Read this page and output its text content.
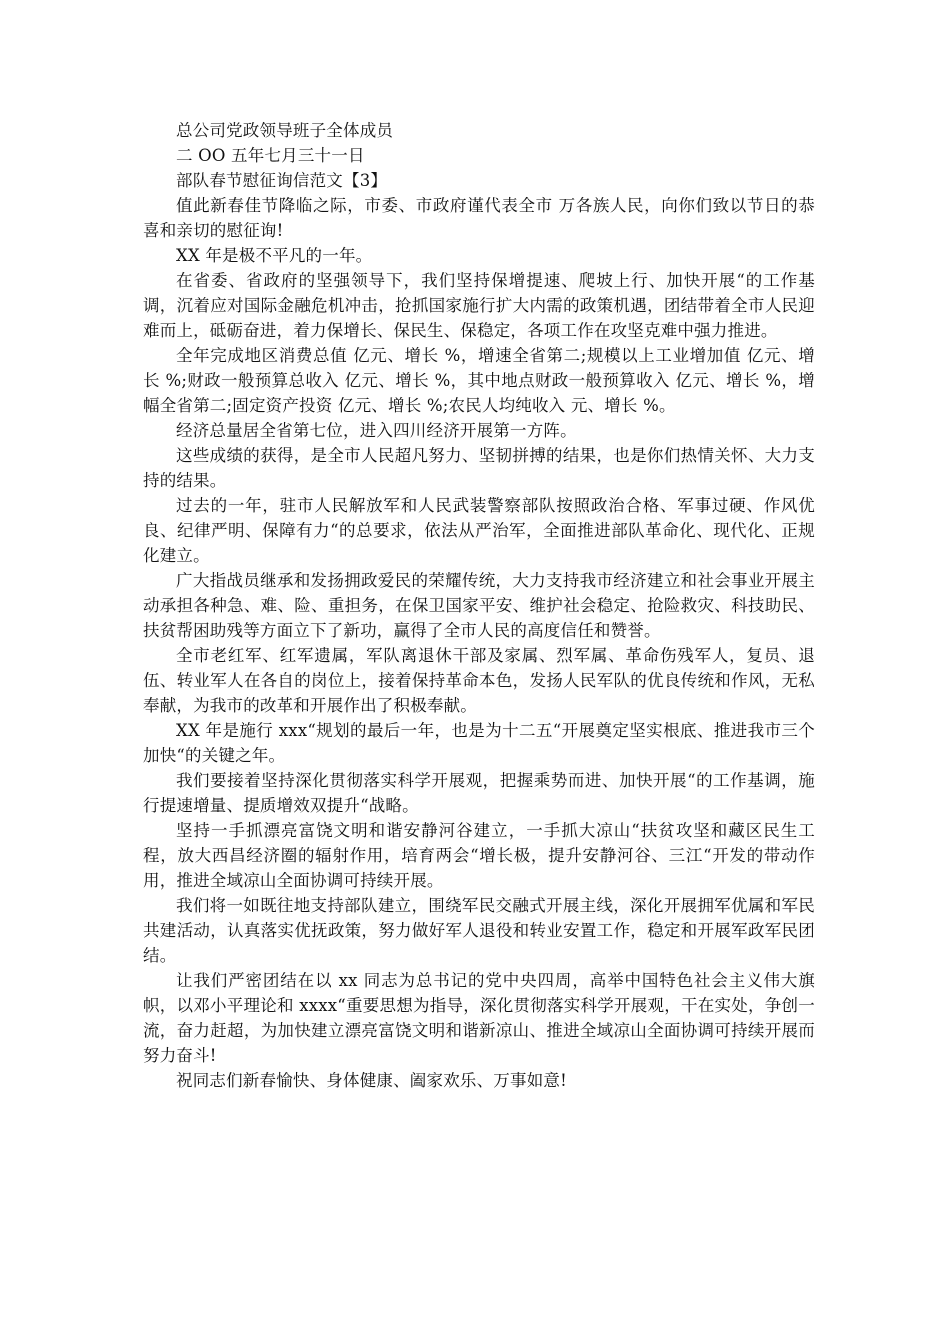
总公司党政领导班子全体成员

二 OO 五年七月三十一日

部队春节慰征询信范文【3】

值此新春佳节降临之际，市委、市政府谨代表全市 万各族人民，向你们致以节日的恭喜和亲切的慰征询!

XX 年是极不平凡的一年。

在省委、省政府的坚强领导下，我们坚持保增提速、爬坡上行、加快开展“的工作基调，沉着应对国际金融危机冲击，抢抓国家施行扩大内需的政策机遇，团结带着全市人民迎难而上，砥砺奋进，着力保增长、保民生、保稳定，各项工作在攻坚克难中强力推进。

全年完成地区消费总值 亿元、增长 %，增速全省第二;规模以上工业增加值 亿元、增长 %;财政一般预算总收入 亿元、增长 %，其中地点财政一般预算收入 亿元、增长 %，增幅全省第二;固定资产投资 亿元、增长 %;农民人均纯收入 元、增长 %。

经济总量居全省第七位，进入四川经济开展第一方阵。

这些成绩的获得，是全市人民超凡努力、坚韧拼搏的结果，也是你们热情关怀、大力支持的结果。

过去的一年，驻市人民解放军和人民武装警察部队按照政治合格、军事过硬、作风优良、纪律严明、保障有力“的总要求，依法从严治军，全面推进部队革命化、现代化、正规化建立。

广大指战员继承和发扬拥政爱民的荣耀传统，大力支持我市经济建立和社会事业开展主动承担各种急、难、险、重担务，在保卫国家平安、维护社会稳定、抢险救灾、科技助民、扶贫帮困助残等方面立下了新功，赢得了全市人民的高度信任和赞誉。

全市老红军、红军遗属，军队离退休干部及家属、烈军属、革命伤残军人，复员、退伍、转业军人在各自的岗位上，接着保持革命本色，发扬人民军队的优良传统和作风，无私奉献，为我市的改革和开展作出了积极奉献。

XX 年是施行 xxx“规划的最后一年，也是为十二五“开展奠定坚实根底、推进我市三个加快“的关键之年。

我们要接着坚持深化贯彻落实科学开展观，把握乘势而进、加快开展“的工作基调，施行提速增量、提质增效双提升“战略。

坚持一手抓漂亮富饶文明和谐安静河谷建立，一手抓大凉山“扶贫攻坚和藏区民生工程，放大西昌经济圈的辐射作用，培育两会“增长极，提升安静河谷、三江“开发的带动作用，推进全域凉山全面协调可持续开展。

我们将一如既往地支持部队建立，围绕军民交融式开展主线，深化开展拥军优属和军民共建活动，认真落实优抚政策，努力做好军人退役和转业安置工作，稳定和开展军政军民团结。

让我们严密团结在以 xx 同志为总书记的党中央四周，高举中国特色社会主义伟大旗帜，以邓小平理论和 xxxx“重要思想为指导，深化贯彻落实科学开展观，干在实处，争创一流，奋力赶超，为加快建立漂亮富饶文明和谐新凉山、推进全域凉山全面协调可持续开展而努力奋斗!

祝同志们新春愉快、身体健康、阖家欢乐、万事如意!
